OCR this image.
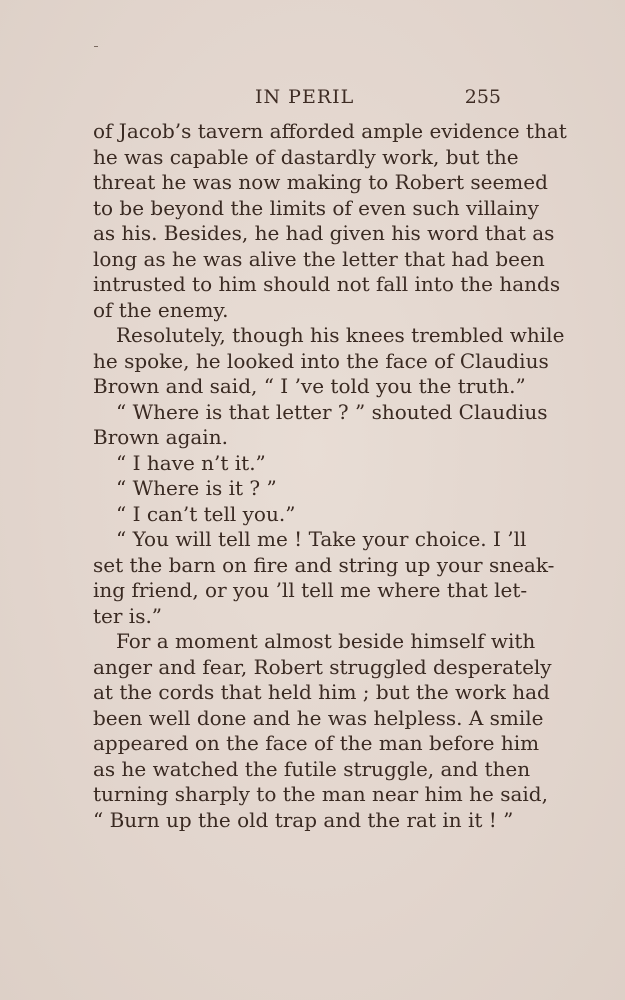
IN PERIL	255
of Jacob’s tavern afforded ample evidence that
he was capable of dastardly work, but the
threat he was now making to Robert seemed
to be beyond the limits of even such villainy
as his. Besides, he had given his word that as
long as he was alive the letter that had been
intrusted to him should not fall into the hands
of the enemy.
Resolutely, though his knees trembled while
he spoke, he looked into the face of Claudius
Brown and said, “ I ’ve told you the truth.”
“ Where is that letter ? ” shouted Claudius
Brown again.
“ I have n’t it.”
“ Where is it ? ”
“ I can’t tell you.”
“ You will tell me ! Take your choice. I ’ll
set the barn on fire and string up your sneak-
ing friend, or you ’ll tell me where that let-
ter is.”
For a moment almost beside himself with
anger and fear, Robert struggled desperately
at the cords that held him ; but the work had
been well done and he was helpless. A smile
appeared on the face of the man before him
as he watched the futile struggle, and then
turning sharply to the man near him he said,
“ Burn up the old trap and the rat in it ! ”
